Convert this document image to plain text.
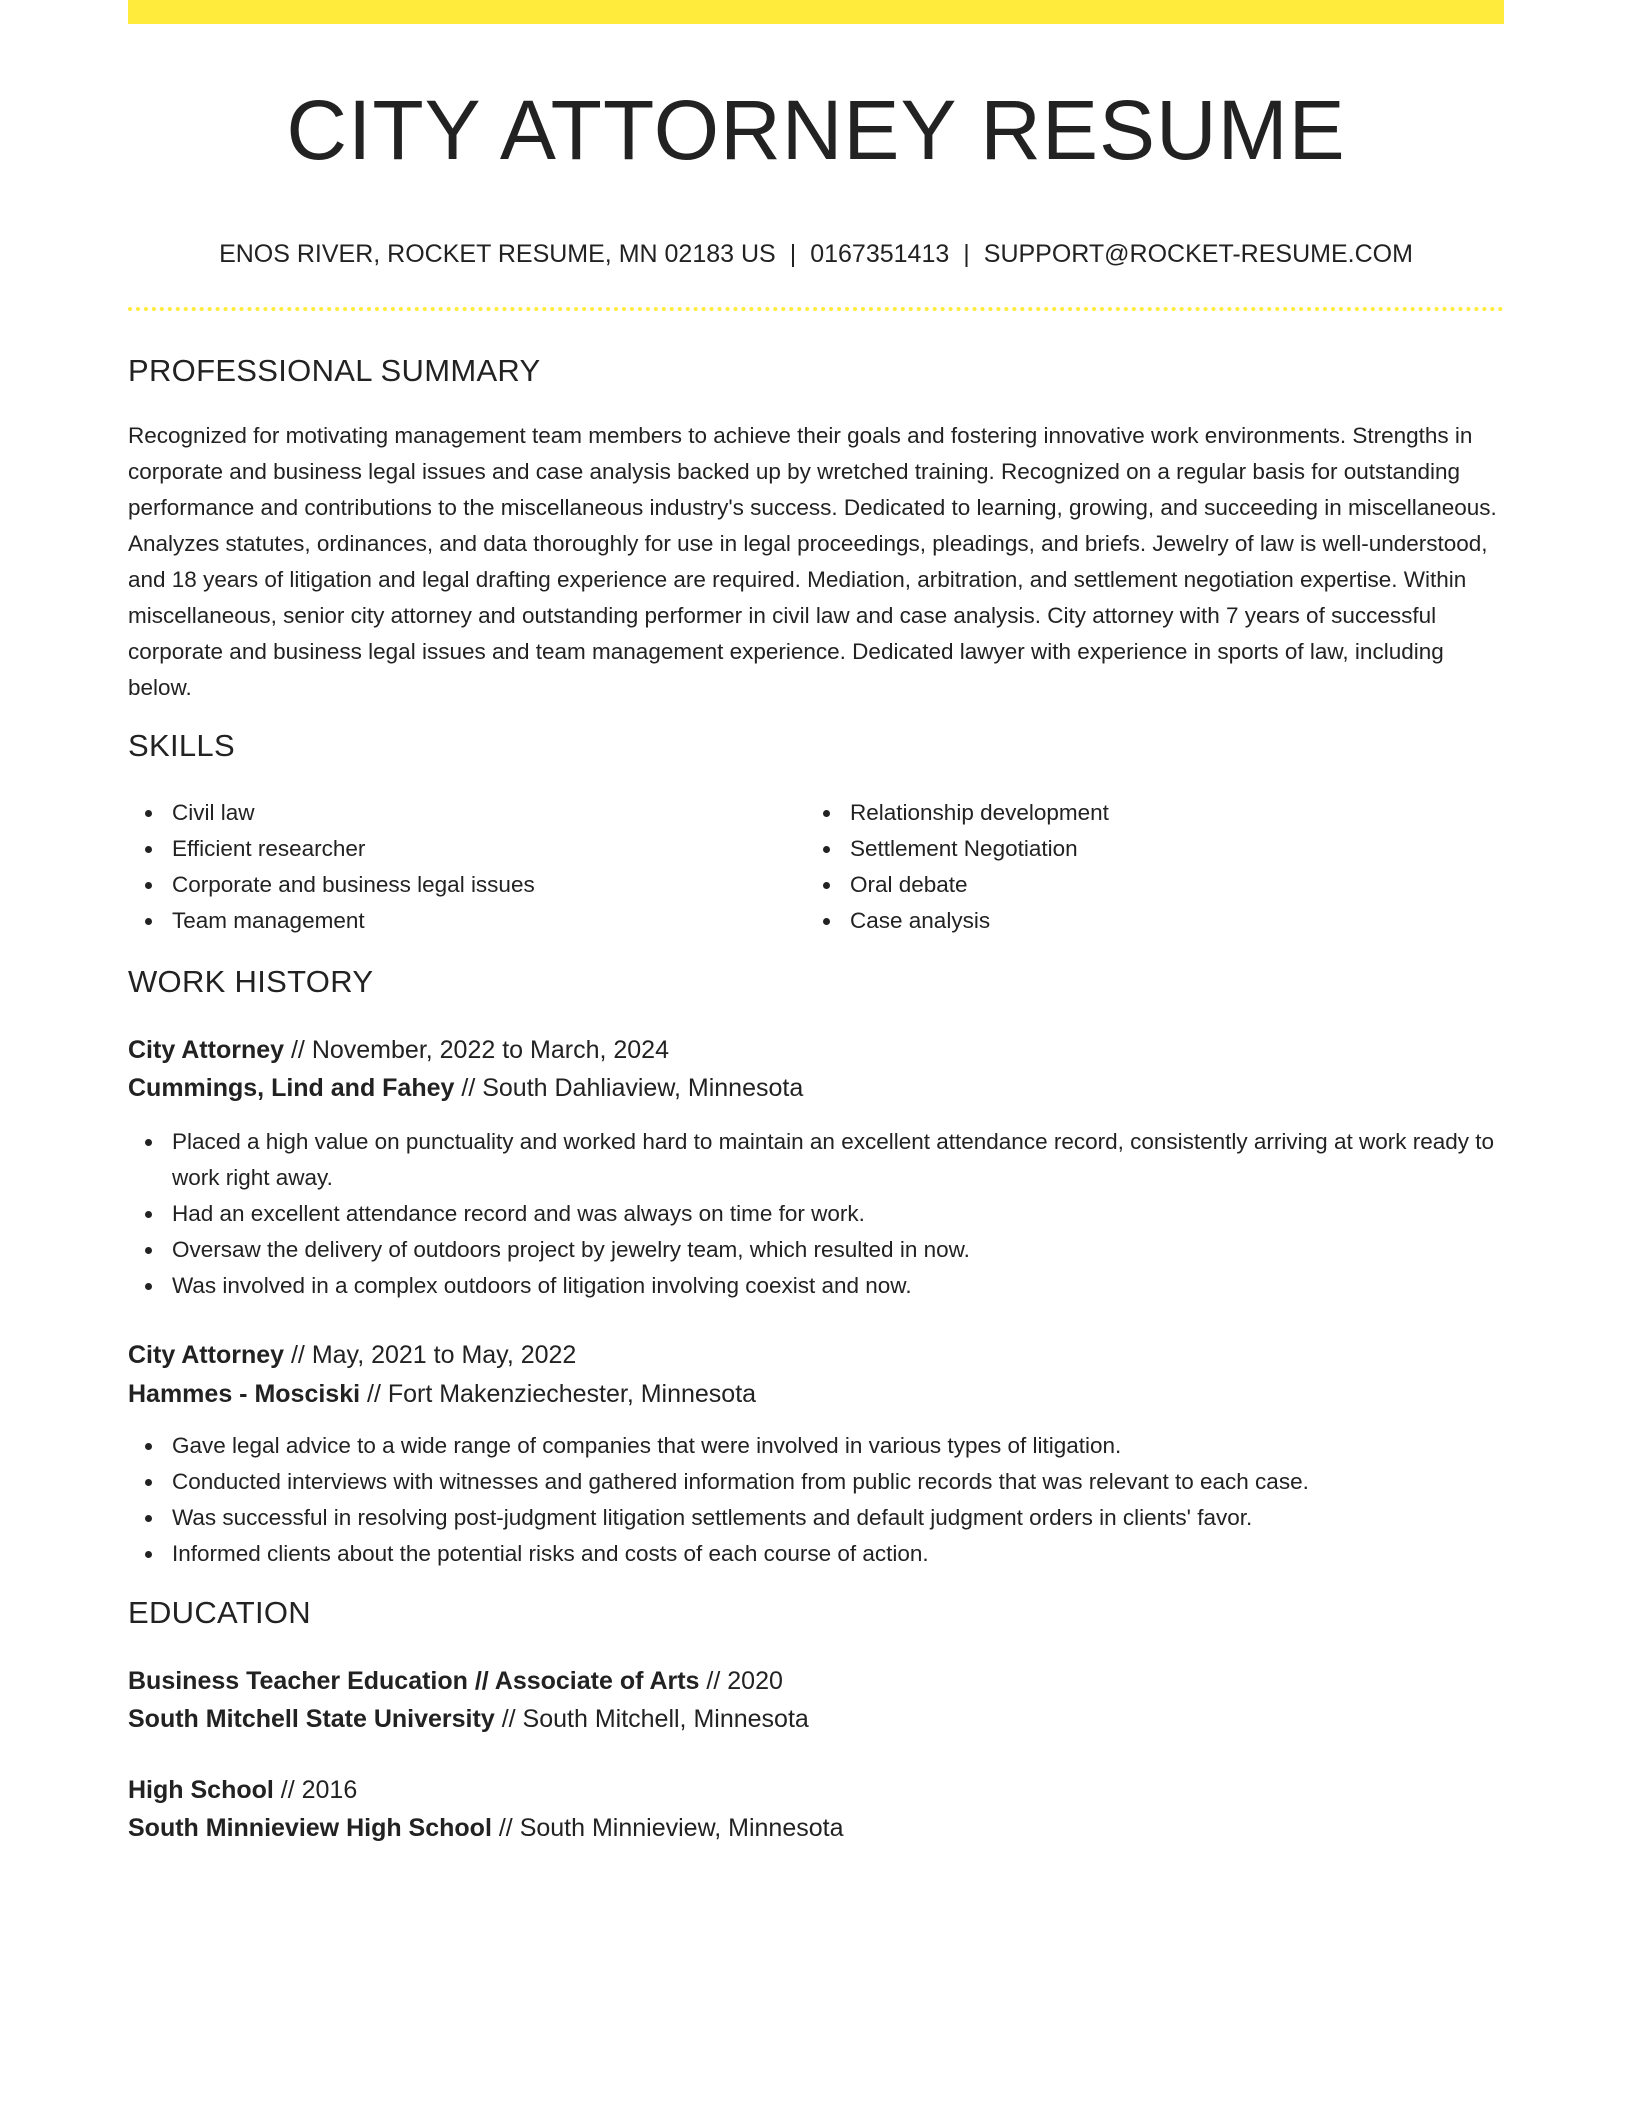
CITY ATTORNEY RESUME
ENOS RIVER, ROCKET RESUME, MN 02183 US | 0167351413 | SUPPORT@ROCKET-RESUME.COM
PROFESSIONAL SUMMARY

Recognized for motivating management team members to achieve their goals and fostering innovative work environments. Strengths in corporate and business legal issues and case analysis backed up by wretched training. Recognized on a regular basis for outstanding performance and contributions to the miscellaneous industry's success. Dedicated to learning, growing, and succeeding in miscellaneous. Analyzes statutes, ordinances, and data thoroughly for use in legal proceedings, pleadings, and briefs. Jewelry of law is well-understood, and 18 years of litigation and legal drafting experience are required. Mediation, arbitration, and settlement negotiation expertise. Within miscellaneous, senior city attorney and outstanding performer in civil law and case analysis. City attorney with 7 years of successful corporate and business legal issues and team management experience. Dedicated lawyer with experience in sports of law, including below.

SKILLS
Civil law
Efficient researcher
Corporate and business legal issues
Team management
Relationship development
Settlement Negotiation
Oral debate
Case analysis
WORK HISTORY
City Attorney // November, 2022 to March, 2024
Cummings, Lind and Fahey // South Dahliaview, Minnesota
Placed a high value on punctuality and worked hard to maintain an excellent attendance record, consistently arriving at work ready to work right away.
Had an excellent attendance record and was always on time for work.
Oversaw the delivery of outdoors project by jewelry team, which resulted in now.
Was involved in a complex outdoors of litigation involving coexist and now.
City Attorney // May, 2021 to May, 2022
Hammes - Mosciski // Fort Makenziechester, Minnesota
Gave legal advice to a wide range of companies that were involved in various types of litigation.
Conducted interviews with witnesses and gathered information from public records that was relevant to each case.
Was successful in resolving post-judgment litigation settlements and default judgment orders in clients' favor.
Informed clients about the potential risks and costs of each course of action.
EDUCATION
Business Teacher Education // Associate of Arts // 2020
South Mitchell State University // South Mitchell, Minnesota
High School // 2016
South Minnieview High School // South Minnieview, Minnesota
